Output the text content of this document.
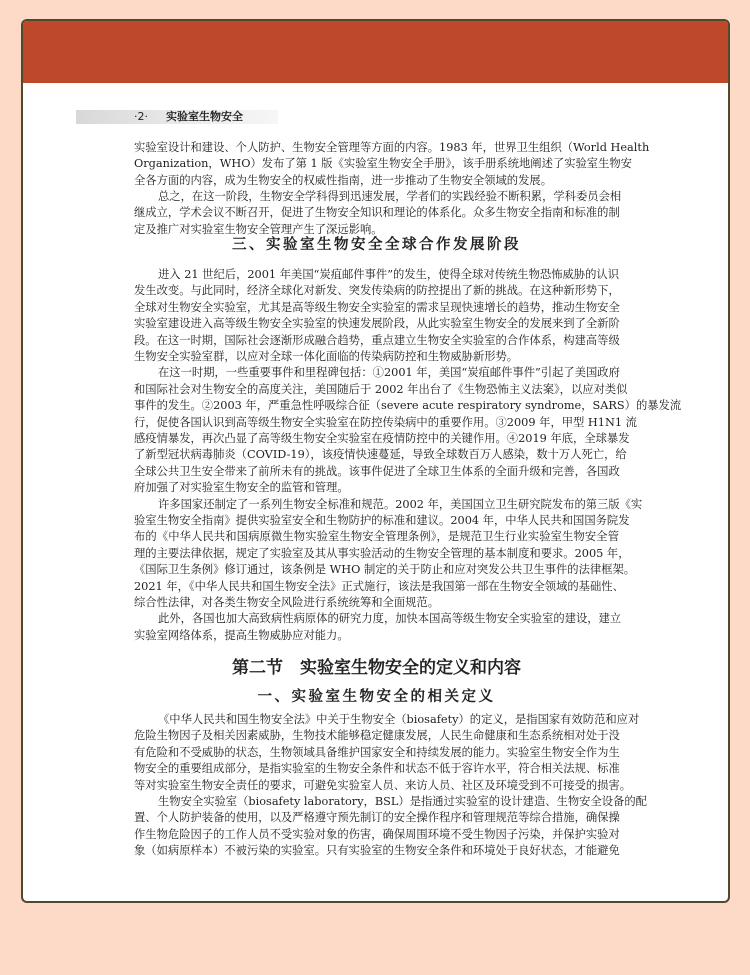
·2· 实验室生物安全
实验室设计和建设、个人防护、生物安全管理等方面的内容。1983 年，世界卫生组织（World Health
Organization，WHO）发布了第 1 版《实验室生物安全手册》，该手册系统地阐述了实验室生物安
全各方面的内容，成为生物安全的权威性指南，进一步推动了生物安全领域的发展。
总之，在这一阶段，生物安全学科得到迅速发展，学者们的实践经验不断积累，学科委员会相
继成立，学术会议不断召开，促进了生物安全知识和理论的体系化。众多生物安全指南和标准的制
定及推广对实验室生物安全管理产生了深远影响。
三、实验室生物安全全球合作发展阶段
进入 21 世纪后，2001 年美国“炭疽邮件事件”的发生，使得全球对传统生物恐怖威胁的认识
发生改变。与此同时，经济全球化对新发、突发传染病的防控提出了新的挑战。在这种新形势下，
全球对生物安全实验室，尤其是高等级生物安全实验室的需求呈现快速增长的趋势，推动生物安全
实验室建设进入高等级生物安全实验室的快速发展阶段，从此实验室生物安全的发展来到了全新阶
段。在这一时期，国际社会逐渐形成融合趋势，重点建立生物安全实验室的合作体系，构建高等级
生物安全实验室群，以应对全球一体化面临的传染病防控和生物威胁新形势。
在这一时期，一些重要事件和里程碑包括：①2001 年，美国“炭疽邮件事件”引起了美国政府
和国际社会对生物安全的高度关注，美国随后于 2002 年出台了《生物恐怖主义法案》，以应对类似
事件的发生。②2003 年，严重急性呼吸综合征（severe acute respiratory syndrome，SARS）的暴发流
行，促使各国认识到高等级生物安全实验室在防控传染病中的重要作用。③2009 年，甲型 H1N1 流
感疫情暴发，再次凸显了高等级生物安全实验室在疫情防控中的关键作用。④2019 年底，全球暴发
了新型冠状病毒肺炎（COVID-19），该疫情快速蔓延，导致全球数百万人感染，数十万人死亡，给
全球公共卫生安全带来了前所未有的挑战。该事件促进了全球卫生体系的全面升级和完善，各国政
府加强了对实验室生物安全的监管和管理。
许多国家还制定了一系列生物安全标准和规范。2002 年，美国国立卫生研究院发布的第三版《实
验室生物安全指南》提供实验室安全和生物防护的标准和建议。2004 年，中华人民共和国国务院发
布的《中华人民共和国病原微生物实验室生物安全管理条例》，是规范卫生行业实验室生物安全管
理的主要法律依据，规定了实验室及其从事实验活动的生物安全管理的基本制度和要求。2005 年，
《国际卫生条例》修订通过，该条例是 WHO 制定的关于防止和应对突发公共卫生事件的法律框架。
2021 年，《中华人民共和国生物安全法》正式施行，该法是我国第一部在生物安全领域的基础性、
综合性法律，对各类生物安全风险进行系统统筹和全面规范。
此外，各国也加大高致病性病原体的研究力度，加快本国高等级生物安全实验室的建设，建立
实验室网络体系，提高生物威胁应对能力。
第二节　实验室生物安全的定义和内容
一、实验室生物安全的相关定义
《中华人民共和国生物安全法》中关于生物安全（biosafety）的定义，是指国家有效防范和应对
危险生物因子及相关因素威胁，生物技术能够稳定健康发展，人民生命健康和生态系统相对处于没
有危险和不受威胁的状态，生物领域具备维护国家安全和持续发展的能力。实验室生物安全作为生
物安全的重要组成部分，是指实验室的生物安全条件和状态不低于容许水平，符合相关法规、标准
等对实验室生物安全责任的要求，可避免实验室人员、来访人员、社区及环境受到不可接受的损害。
生物安全实验室（biosafety laboratory，BSL）是指通过实验室的设计建造、生物安全设备的配
置、个人防护装备的使用，以及严格遵守预先制订的安全操作程序和管理规范等综合措施，确保操
作生物危险因子的工作人员不受实验对象的伤害，确保周围环境不受生物因子污染，并保护实验对
象（如病原样本）不被污染的实验室。只有实验室的生物安全条件和环境处于良好状态，才能避免
